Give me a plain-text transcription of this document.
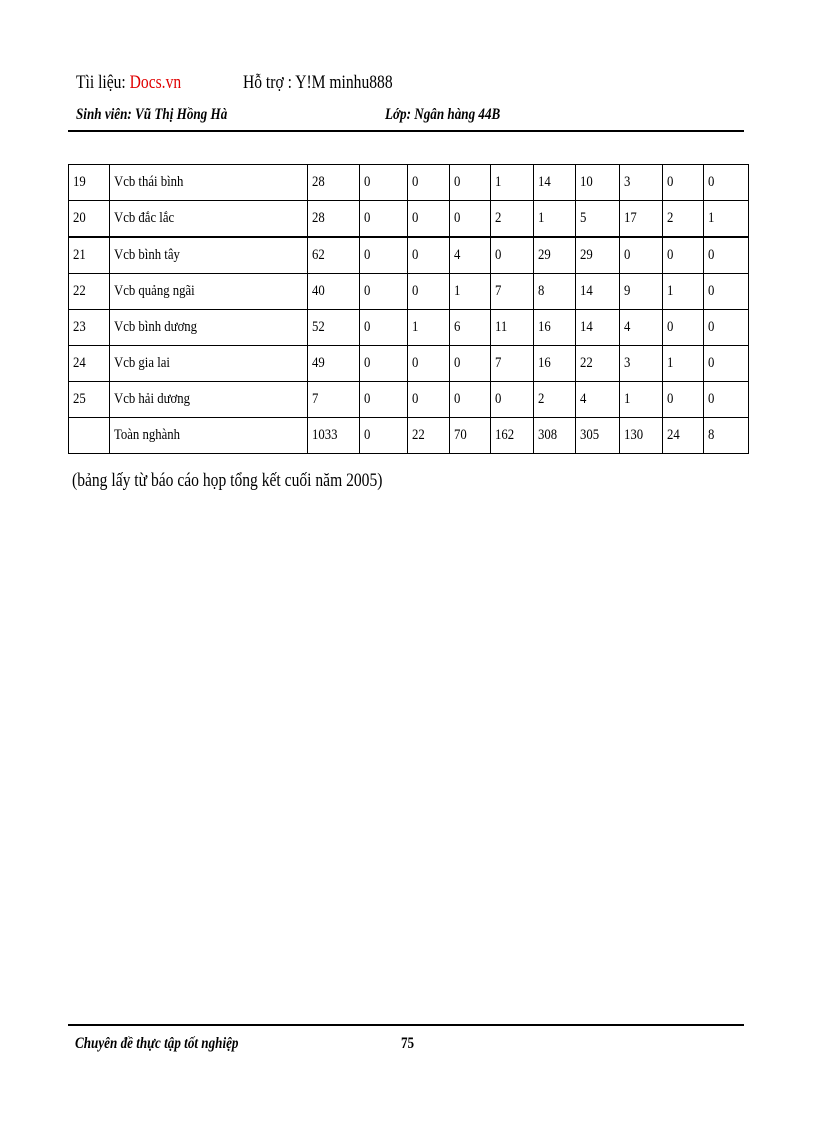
Tìi liệu: Docs.vn	Hỗ trợ : Y!M minhu888
Sinh viên: Vũ Thị Hồng Hà	Lớp: Ngân hàng 44B
19	Vcb thái bình	28	0	0	0	1	14	10	3	0	0
20	Vcb đắc lắc	28	0	0	0	2	1	5	17	2	1
21	Vcb bình tây	62	0	0	4	0	29	29	0	0	0
22	Vcb quảng ngãi	40	0	0	1	7	8	14	9	1	0
23	Vcb bình dương	52	0	1	6	11	16	14	4	0	0
24	Vcb gia lai	49	0	0	0	7	16	22	3	1	0
25	Vcb hải dương	7	0	0	0	0	2	4	1	0	0
	Toàn nghành	1033	0	22	70	162	308	305	130	24	8
(bảng lấy từ báo cáo họp tổng kết cuối năm 2005)
Chuyên đề thực tập tốt nghiệp	75
